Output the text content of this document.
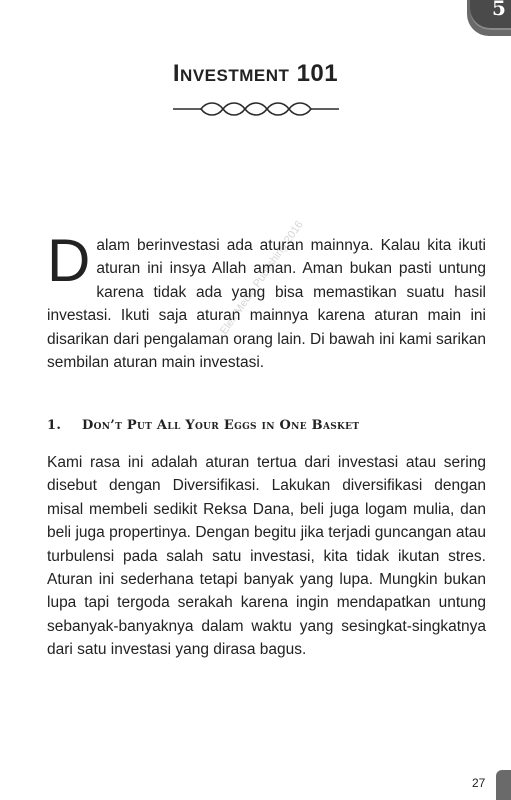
5
Investment 101
Elex Media Publishing 2016
D alam berinvestasi ada aturan mainnya. Kalau kita ikuti aturan ini insya Allah aman. Aman bukan pasti untung karena tidak ada yang bisa memastikan suatu hasil investasi. Ikuti saja aturan mainnya karena aturan main ini disarikan dari pengalaman orang lain. Di bawah ini kami sarikan sembilan aturan main investasi.
1. Don’t Put All Your Eggs in One Basket
Kami rasa ini adalah aturan tertua dari investasi atau sering disebut dengan Diversifikasi. Lakukan diversifikasi dengan misal membeli sedikit Reksa Dana, beli juga logam mulia, dan beli juga propertinya. Dengan begitu jika terjadi guncangan atau turbulensi pada salah satu investasi, kita tidak ikutan stres. Aturan ini sederhana tetapi banyak yang lupa. Mungkin bukan lupa tapi tergoda serakah karena ingin mendapatkan untung sebanyak-banyaknya dalam waktu yang sesingkat-singkatnya dari satu investasi yang dirasa bagus.
27
